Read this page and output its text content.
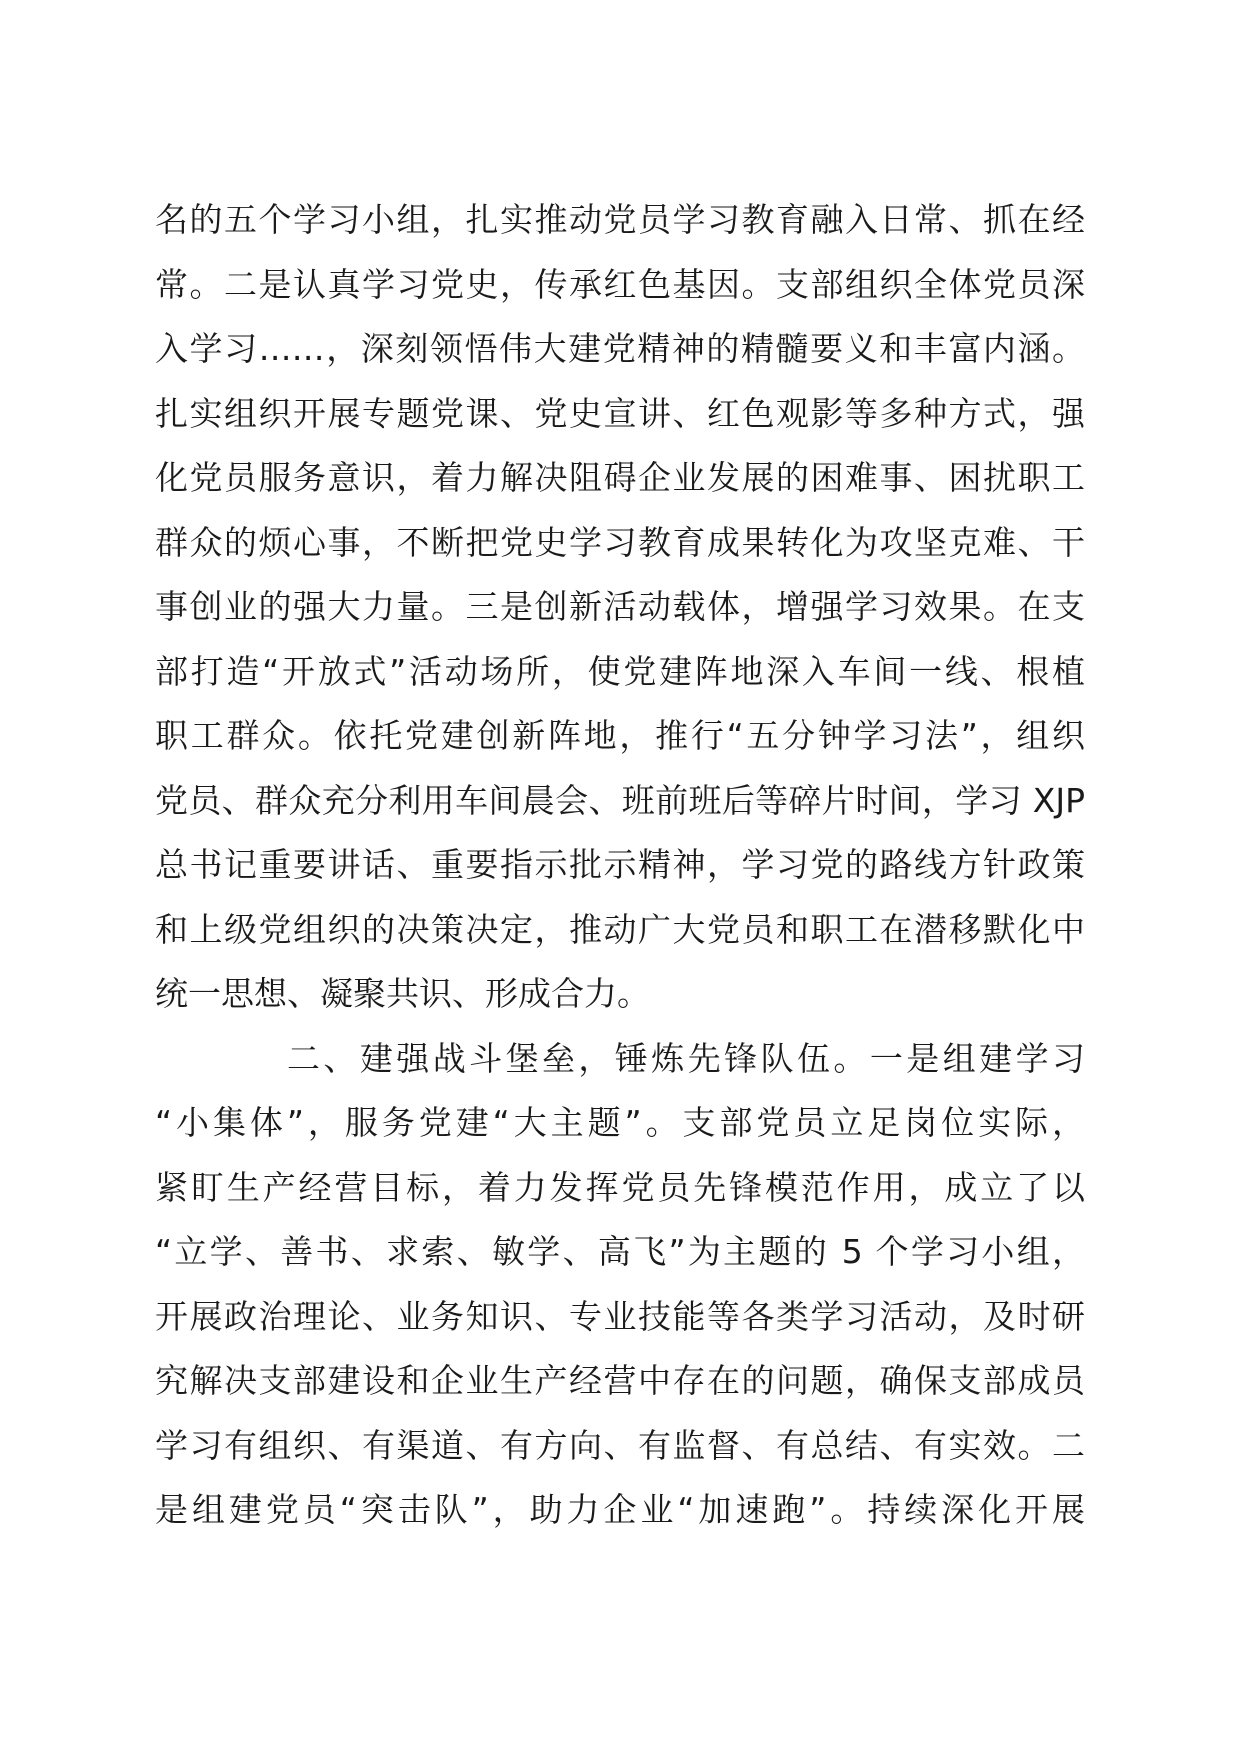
名的五个学习小组，扎实推动党员学习教育融入日常、抓在经
常。二是认真学习党史，传承红色基因。支部组织全体党员深
入学习……，深刻领悟伟大建党精神的精髓要义和丰富内涵。
扎实组织开展专题党课、党史宣讲、红色观影等多种方式，强
化党员服务意识，着力解决阻碍企业发展的困难事、困扰职工
群众的烦心事，不断把党史学习教育成果转化为攻坚克难、干
事创业的强大力量。三是创新活动载体，增强学习效果。在支
部打造“开放式”活动场所，使党建阵地深入车间一线、根植
职工群众。依托党建创新阵地，推行“五分钟学习法”，组织
党员、群众充分利用车间晨会、班前班后等碎片时间，学习 XJP
总书记重要讲话、重要指示批示精神，学习党的路线方针政策
和上级党组织的决策决定，推动广大党员和职工在潜移默化中
统一思想、凝聚共识、形成合力。
二、建强战斗堡垒，锤炼先锋队伍。一是组建学习
“小集体”，服务党建“大主题”。支部党员立足岗位实际，
紧盯生产经营目标，着力发挥党员先锋模范作用，成立了以
“立学、善书、求索、敏学、高飞”为主题的 5 个学习小组，
开展政治理论、业务知识、专业技能等各类学习活动，及时研
究解决支部建设和企业生产经营中存在的问题，确保支部成员
学习有组织、有渠道、有方向、有监督、有总结、有实效。二
是组建党员“突击队”，助力企业“加速跑”。持续深化开展
